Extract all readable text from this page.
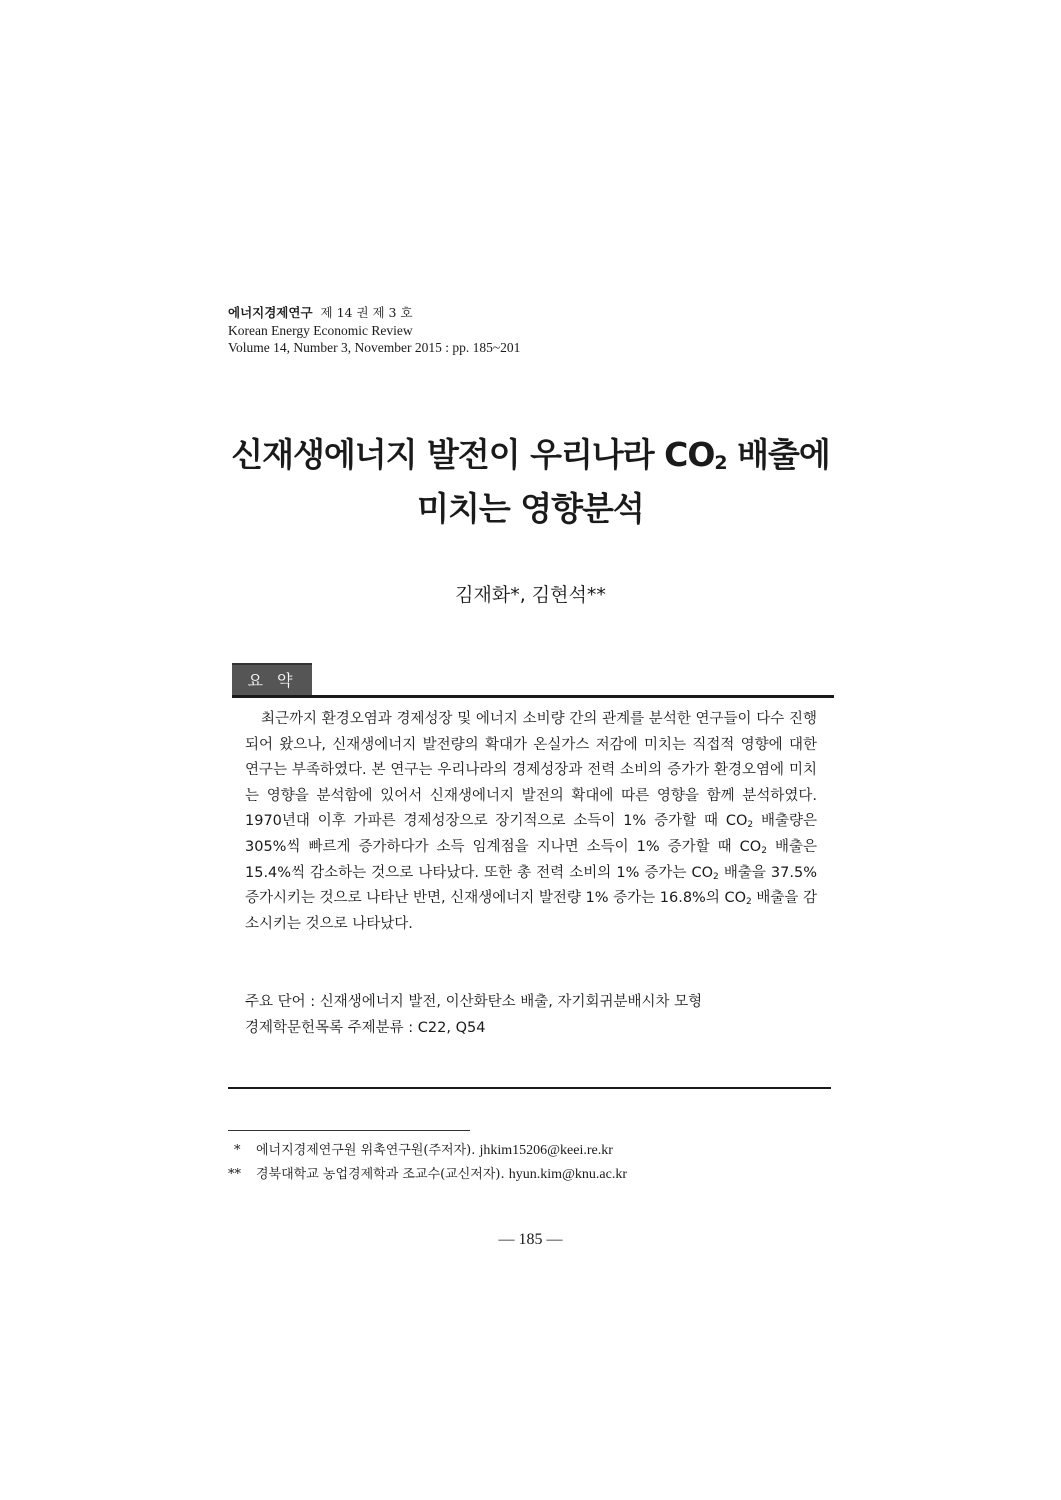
에너지경제연구 제 14 권 제 3 호
Korean Energy Economic Review
Volume 14, Number 3, November 2015 : pp. 185~201
신재생에너지 발전이 우리나라 $CO_2$ 배출에
미치는 영향분석
김재화*, 김현석**
요약

최근까지 환경오염과 경제성장 및 에너지 소비량 간의 관계를 분석한 연구들이 다수 진행되어 왔으나, 신재생에너지 발전량의 확대가 온실가스 저감에 미치는 직접적 영향에 대한 연구는 부족하였다. 본 연구는 우리나라의 경제성장과 전력 소비의 증가가 환경오염에 미치는 영향을 분석함에 있어서 신재생에너지 발전의 확대에 따른 영향을 함께 분석하였다. 1970년대 이후 가파른 경제성장으로 장기적으로 소득이 1% 증가할 때 $CO_2$ 배출량은 305%씩 빠르게 증가하다가 소득 임계점을 지나면 소득이 1% 증가할 때 $CO_2$ 배출은 15.4%씩 감소하는 것으로 나타났다. 또한 총 전력 소비의 1% 증가는 $CO_2$ 배출을 37.5% 증가시키는 것으로 나타난 반면, 신재생에너지 발전량 1% 증가는 16.8%의 $CO_2$ 배출을 감소시키는 것으로 나타났다.

주요 단어 : 신재생에너지 발전, 이산화탄소 배출, 자기회귀분배시차 모형
경제학문헌목록 주제분류 : C22, Q54
* 에너지경제연구원 위촉연구원(주저자). jhkim15206@keei.re.kr
** 경북대학교 농업경제학과 조교수(교신저자). hyun.kim@knu.ac.kr
— 185 —
